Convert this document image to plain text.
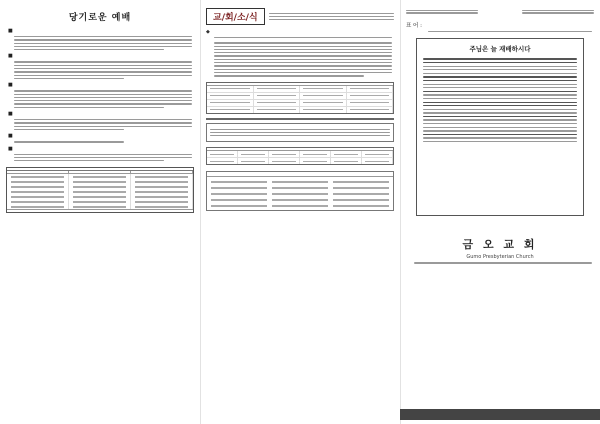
당기로운 예배
■
■
■
■
■
■
교/회/소/식
◆
표 어 :
주님은 늘 재배하시다
금 오 교 회
Gumo Presbyterian Church
